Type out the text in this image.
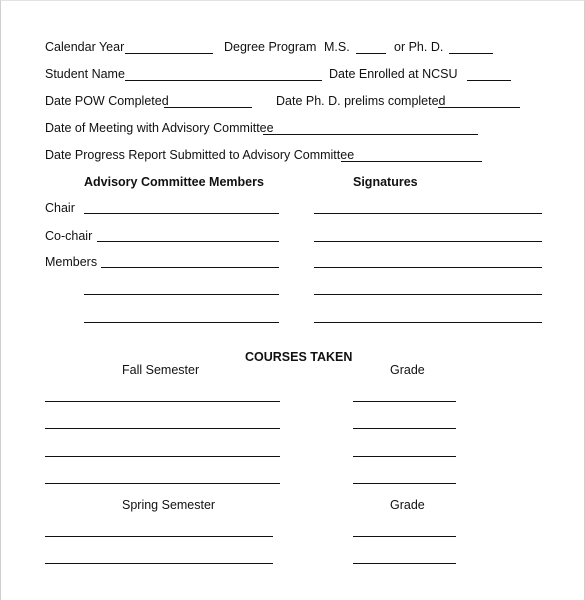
Calendar Year	Degree Program M.S.	or Ph. D.
Student Name	Date Enrolled at NCSU
Date POW Completed	Date Ph. D. prelims completed
Date of Meeting with Advisory Committee
Date Progress Report Submitted to Advisory Committee
Advisory Committee Members	Signatures
Chair
Co-chair
Members
COURSES TAKEN
Fall Semester	Grade
Spring Semester	Grade
